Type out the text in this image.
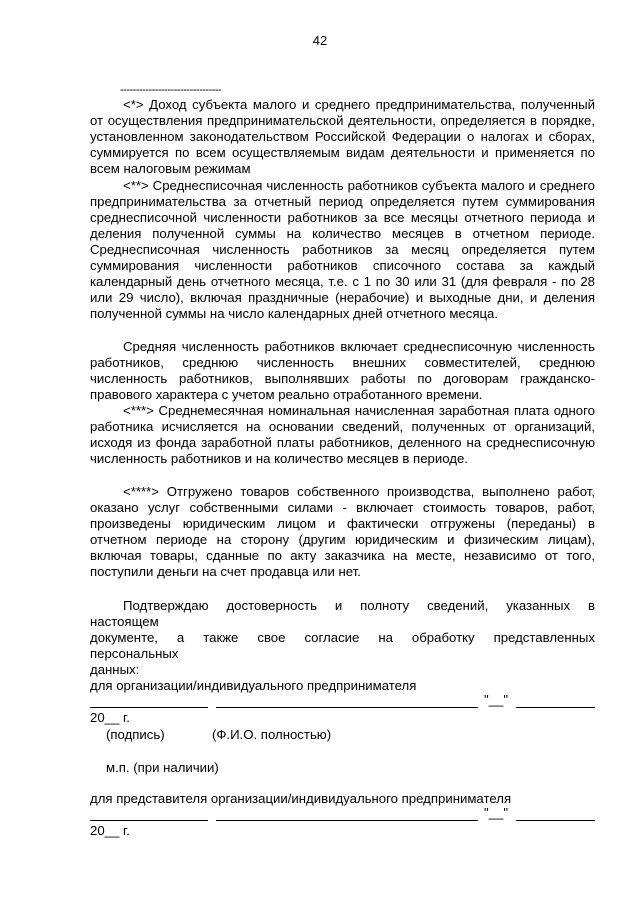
42
--------------------------------
<*> Доход субъекта малого и среднего предпринимательства, полученный от осуществления предпринимательской деятельности, определяется в порядке, установленном законодательством Российской Федерации о налогах и сборах, суммируется по всем осуществляемым видам деятельности и применяется по всем налоговым режимам
<**> Среднесписочная численность работников субъекта малого и среднего предпринимательства за отчетный период определяется путем суммирования среднесписочной численности работников за все месяцы отчетного периода и деления полученной суммы на количество месяцев в отчетном периоде. Среднесписочная численность работников за месяц определяется путем суммирования численности работников списочного состава за каждый календарный день отчетного месяца, т.е. с 1 по 30 или 31 (для февраля - по 28 или 29 число), включая праздничные (нерабочие) и выходные дни, и деления полученной суммы на число календарных дней отчетного месяца.
Средняя численность работников включает среднесписочную численность работников, среднюю численность внешних совместителей, среднюю численность работников, выполнявших работы по договорам гражданско-правового характера с учетом реально отработанного времени.
<***> Среднемесячная номинальная начисленная заработная плата одного работника исчисляется на основании сведений, полученных от организаций, исходя из фонда заработной платы работников, деленного на среднесписочную численность работников и на количество месяцев в периоде.
<****> Отгружено товаров собственного производства, выполнено работ, оказано услуг собственными силами - включает стоимость товаров, работ, произведены юридическим лицом и фактически отгружены (переданы) в отчетном периоде на сторону (другим юридическим и физическим лицам), включая товары, сданные по акту заказчика на месте, независимо от того, поступили деньги на счет продавца или нет.
Подтверждаю достоверность и полноту сведений, указанных в
настоящем
документе, а также свое согласие на обработку представленных
персональных
данных:
для организации/индивидуального предпринимателя
"__"
20__ г.
(подпись)	(Ф.И.О. полностью)
м.п. (при наличии)
для представителя организации/индивидуального предпринимателя
"__"
20__ г.
